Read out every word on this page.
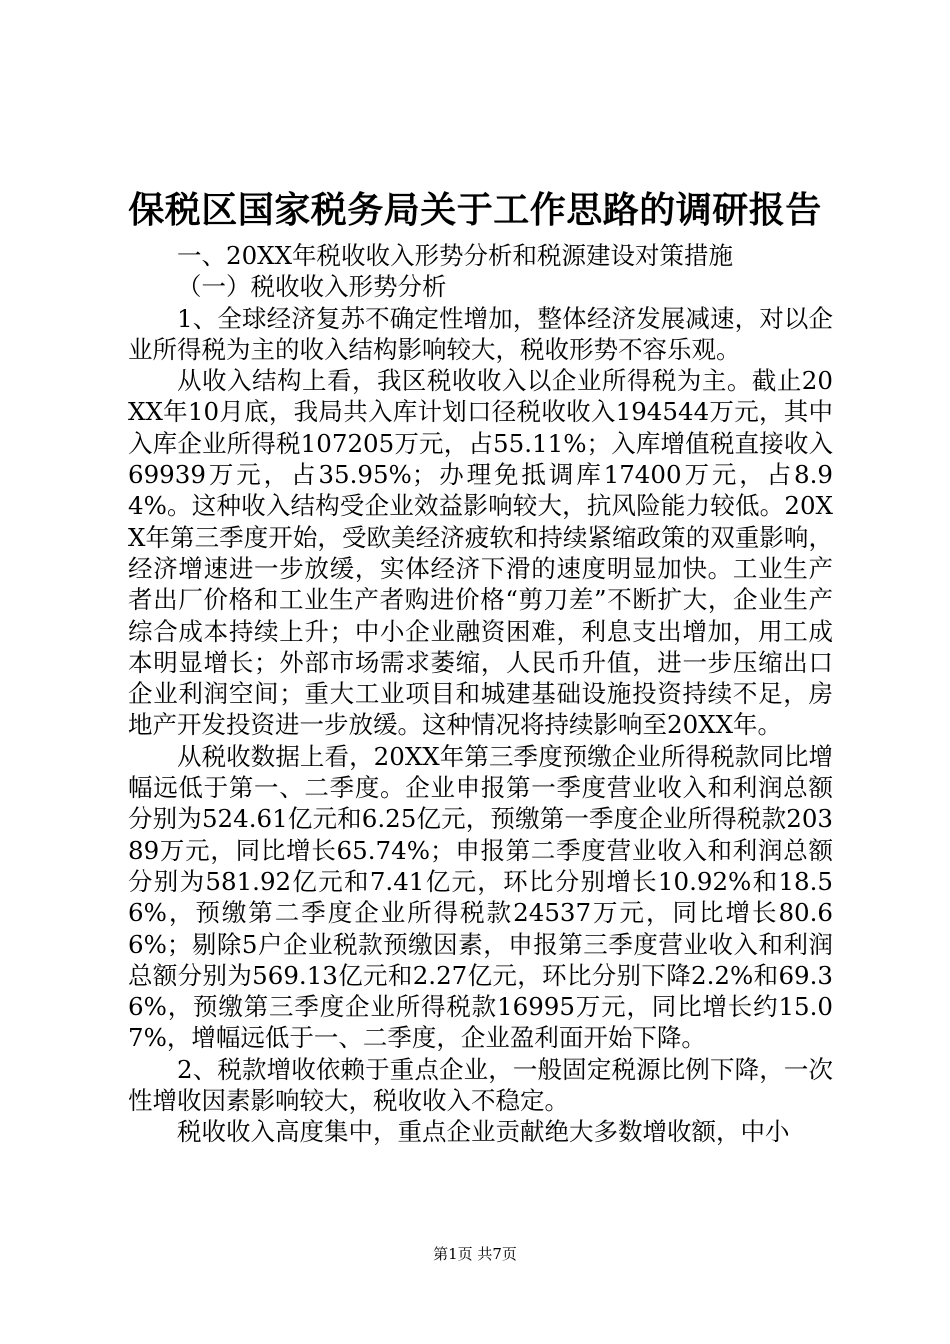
保税区国家税务局关于工作思路的调研报告

一、20XX年税收收入形势分析和税源建设对策措施

（一）税收收入形势分析

1、全球经济复苏不确定性增加，整体经济发展减速，对以企业所得税为主的收入结构影响较大，税收形势不容乐观。

从收入结构上看，我区税收收入以企业所得税为主。截止20XX年10月底，我局共入库计划口径税收收入194544万元，其中入库企业所得税107205万元，占55.11%；入库增值税直接收入69939万元，占35.95%；办理免抵调库17400万元，占8.94%。这种收入结构受企业效益影响较大，抗风险能力较低。20XX年第三季度开始，受欧美经济疲软和持续紧缩政策的双重影响，经济增速进一步放缓，实体经济下滑的速度明显加快。工业生产者出厂价格和工业生产者购进价格“剪刀差”不断扩大，企业生产综合成本持续上升；中小企业融资困难，利息支出增加，用工成本明显增长；外部市场需求萎缩，人民币升值，进一步压缩出口企业利润空间；重大工业项目和城建基础设施投资持续不足，房地产开发投资进一步放缓。这种情况将持续影响至20XX年。

从税收数据上看，20XX年第三季度预缴企业所得税款同比增幅远低于第一、二季度。企业申报第一季度营业收入和利润总额分别为524.61亿元和6.25亿元，预缴第一季度企业所得税款20389万元，同比增长65.74%；申报第二季度营业收入和利润总额分别为581.92亿元和7.41亿元，环比分别增长10.92%和18.56%，预缴第二季度企业所得税款24537万元，同比增长80.66%；剔除5户企业税款预缴因素，申报第三季度营业收入和利润总额分别为569.13亿元和2.27亿元，环比分别下降2.2%和69.36%，预缴第三季度企业所得税款16995万元，同比增长约15.07%，增幅远低于一、二季度，企业盈利面开始下降。

2、税款增收依赖于重点企业，一般固定税源比例下降，一次性增收因素影响较大，税收收入不稳定。

税收收入高度集中，重点企业贡献绝大多数增收额，中小

第1页 共7页
